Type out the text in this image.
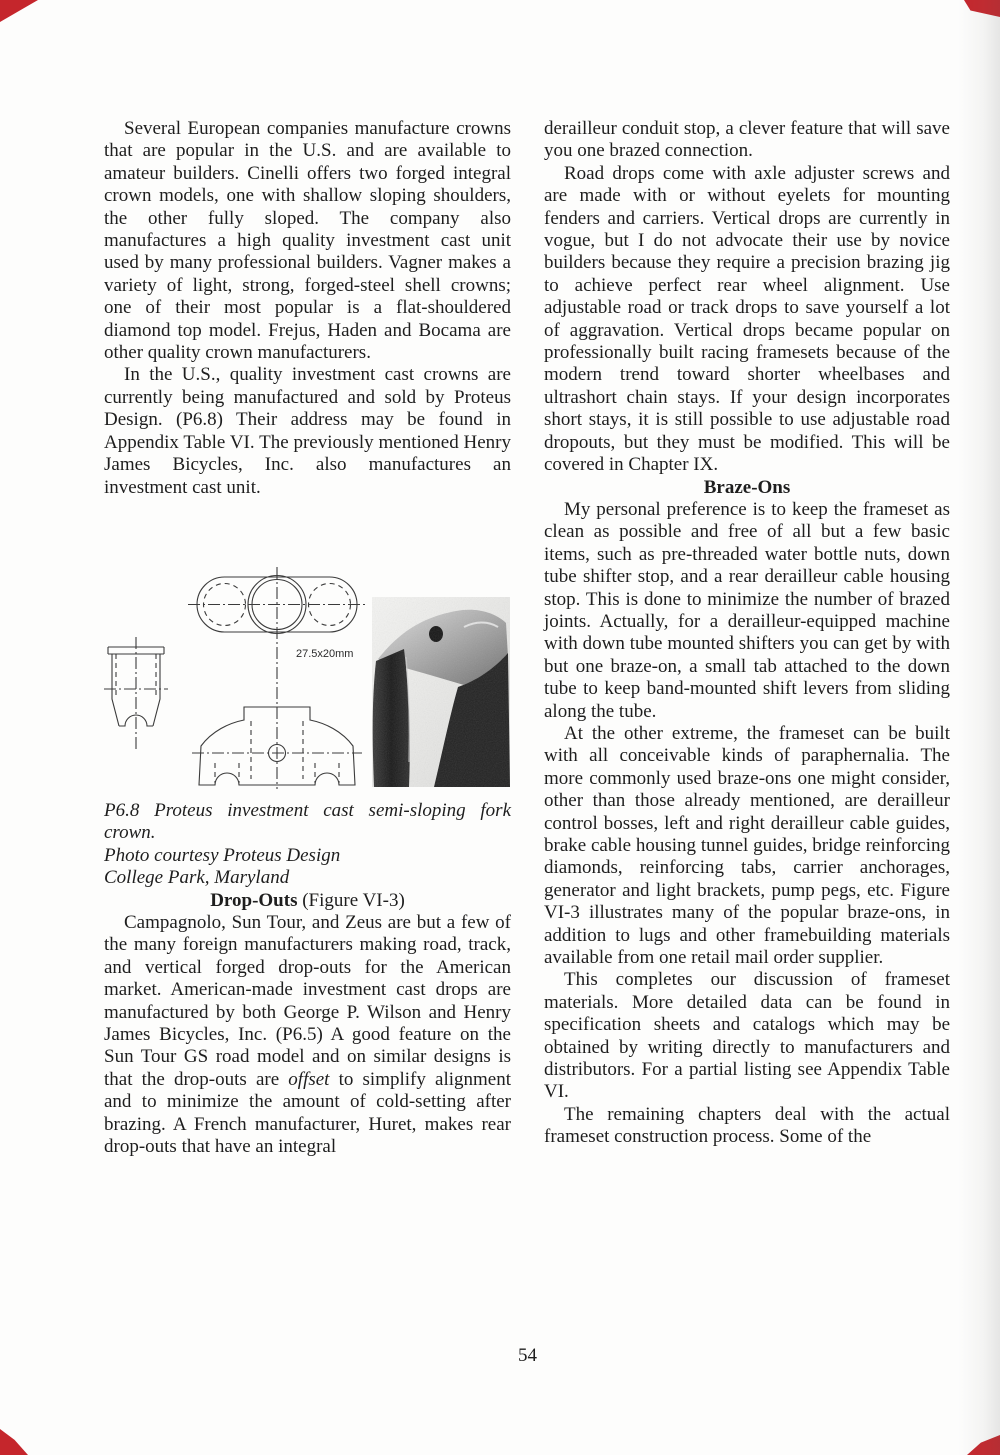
Several European companies manufacture crowns that are popular in the U.S. and are available to amateur builders. Cinelli offers two forged integral crown models, one with shallow sloping shoulders, the other fully sloped. The company also manufactures a high quality investment cast unit used by many professional builders. Vagner makes a variety of light, strong, forged-steel shell crowns; one of their most popular is a flat-shouldered diamond top model. Frejus, Haden and Bocama are other quality crown manufacturers.

In the U.S., quality investment cast crowns are currently being manufactured and sold by Proteus Design. (P6.8) Their address may be found in Appendix Table VI. The previously mentioned Henry James Bicycles, Inc. also manufactures an investment cast unit.

27.5x20mm
P6.8 Proteus investment cast semi-sloping fork crown.
Photo courtesy Proteus Design
College Park, Maryland
Drop-Outs (Figure VI-3)

Campagnolo, Sun Tour, and Zeus are but a few of the many foreign manufacturers making road, track, and vertical forged drop-outs for the American market. American-made investment cast drops are manufactured by both George P. Wilson and Henry James Bicycles, Inc. (P6.5) A good feature on the Sun Tour GS road model and on similar designs is that the drop-outs are offset to simplify alignment and to minimize the amount of cold-setting after brazing. A French manufacturer, Huret, makes rear drop-outs that have an integral

derailleur conduit stop, a clever feature that will save you one brazed connection.

Road drops come with axle adjuster screws and are made with or without eyelets for mounting fenders and carriers. Vertical drops are currently in vogue, but I do not advocate their use by novice builders because they require a precision brazing jig to achieve perfect rear wheel alignment. Use adjustable road or track drops to save yourself a lot of aggravation. Vertical drops became popular on professionally built racing framesets because of the modern trend toward shorter wheelbases and ultrashort chain stays. If your design incorporates short stays, it is still possible to use adjustable road dropouts, but they must be modified. This will be covered in Chapter IX.

Braze-Ons

My personal preference is to keep the frameset as clean as possible and free of all but a few basic items, such as pre-threaded water bottle nuts, down tube shifter stop, and a rear derailleur cable housing stop. This is done to minimize the number of brazed joints. Actually, for a derailleur-equipped machine with down tube mounted shifters you can get by with but one braze-on, a small tab attached to the down tube to keep band-mounted shift levers from sliding along the tube.

At the other extreme, the frameset can be built with all conceivable kinds of paraphernalia. The more commonly used braze-ons one might consider, other than those already mentioned, are derailleur control bosses, left and right derailleur cable guides, brake cable housing tunnel guides, bridge reinforcing diamonds, reinforcing tabs, carrier anchorages, generator and light brackets, pump pegs, etc. Figure VI-3 illustrates many of the popular braze-ons, in addition to lugs and other framebuilding materials available from one retail mail order supplier.

This completes our discussion of frameset materials. More detailed data can be found in specification sheets and catalogs which may be obtained by writing directly to manufacturers and distributors. For a partial listing see Appendix Table VI.

The remaining chapters deal with the actual frameset construction process. Some of the

54
